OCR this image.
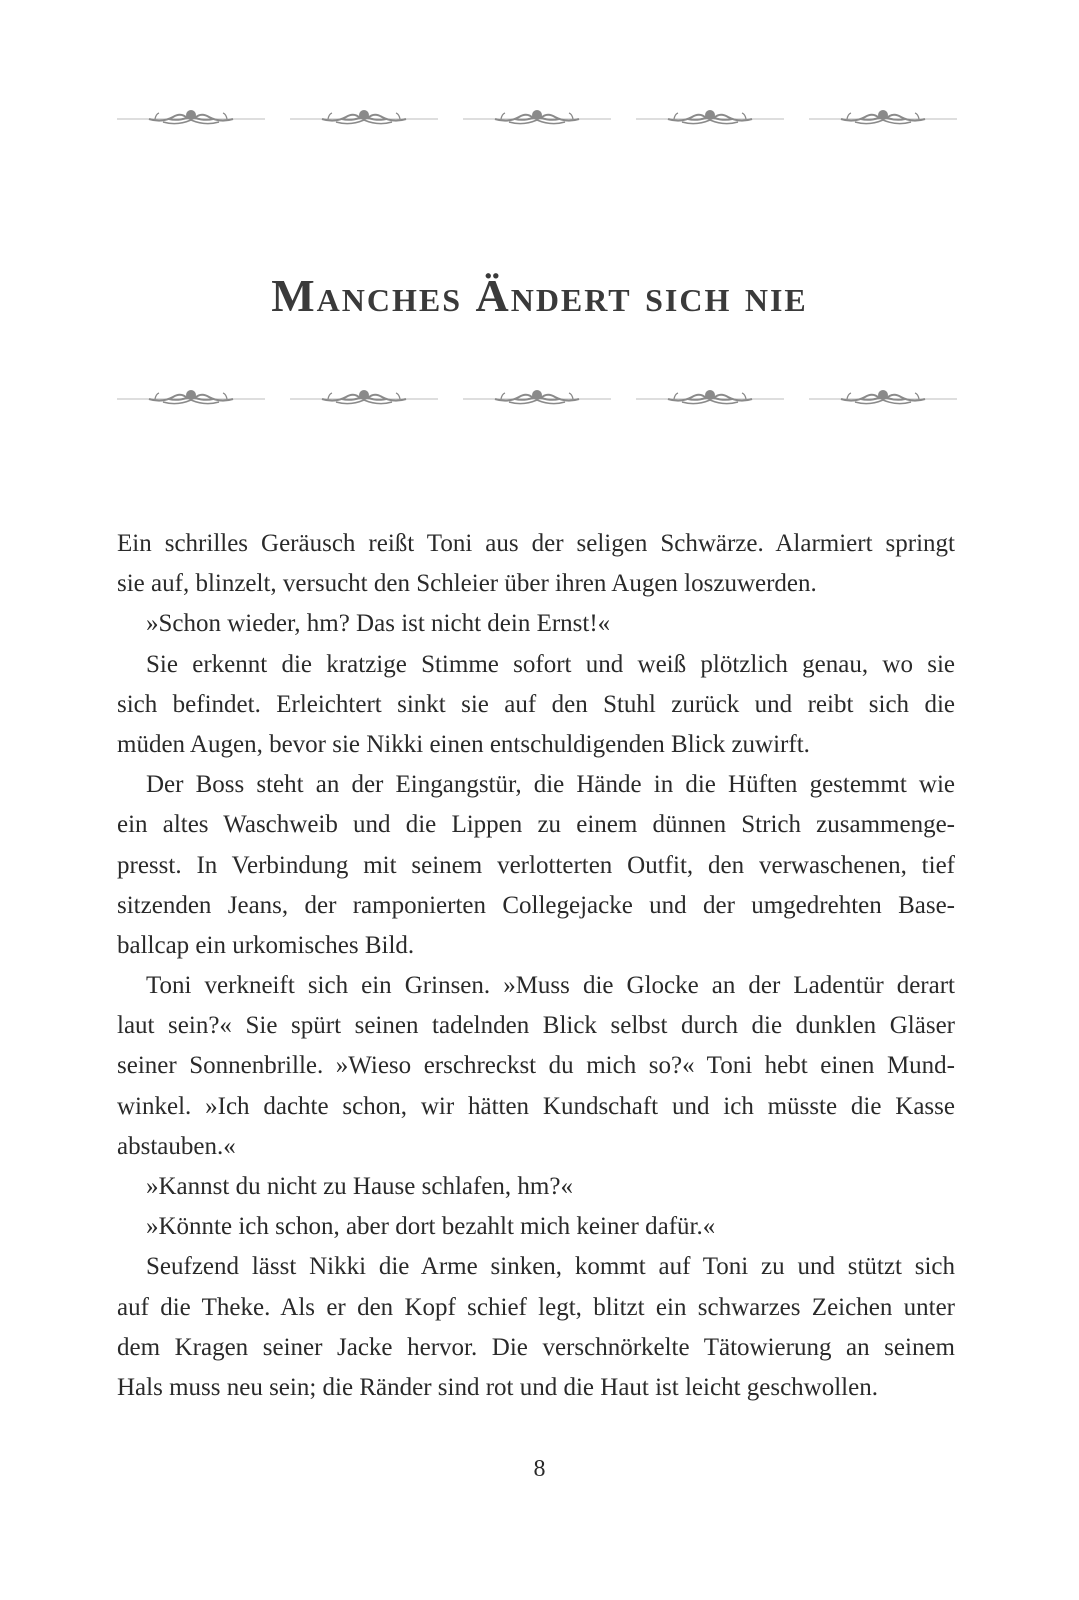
Manches Ändert sich nie
Ein schrilles Geräusch reißt Toni aus der seligen Schwärze. Alarmiert springt
sie auf, blinzelt, versucht den Schleier über ihren Augen loszuwerden.
»Schon wieder, hm? Das ist nicht dein Ernst!«
Sie erkennt die kratzige Stimme sofort und weiß plötzlich genau, wo sie
sich befindet. Erleichtert sinkt sie auf den Stuhl zurück und reibt sich die
müden Augen, bevor sie Nikki einen entschuldigenden Blick zuwirft.
Der Boss steht an der Eingangstür, die Hände in die Hüften gestemmt wie
ein altes Waschweib und die Lippen zu einem dünnen Strich zusammenge-
presst. In Verbindung mit seinem verlotterten Outfit, den verwaschenen, tief
sitzenden Jeans, der ramponierten Collegejacke und der umgedrehten Base-
ballcap ein urkomisches Bild.
Toni verkneift sich ein Grinsen. »Muss die Glocke an der Ladentür derart
laut sein?« Sie spürt seinen tadelnden Blick selbst durch die dunklen Gläser
seiner Sonnenbrille. »Wieso erschreckst du mich so?« Toni hebt einen Mund-
winkel. »Ich dachte schon, wir hätten Kundschaft und ich müsste die Kasse
abstauben.«
»Kannst du nicht zu Hause schlafen, hm?«
»Könnte ich schon, aber dort bezahlt mich keiner dafür.«
Seufzend lässt Nikki die Arme sinken, kommt auf Toni zu und stützt sich
auf die Theke. Als er den Kopf schief legt, blitzt ein schwarzes Zeichen unter
dem Kragen seiner Jacke hervor. Die verschnörkelte Tätowierung an seinem
Hals muss neu sein; die Ränder sind rot und die Haut ist leicht geschwollen.
8
